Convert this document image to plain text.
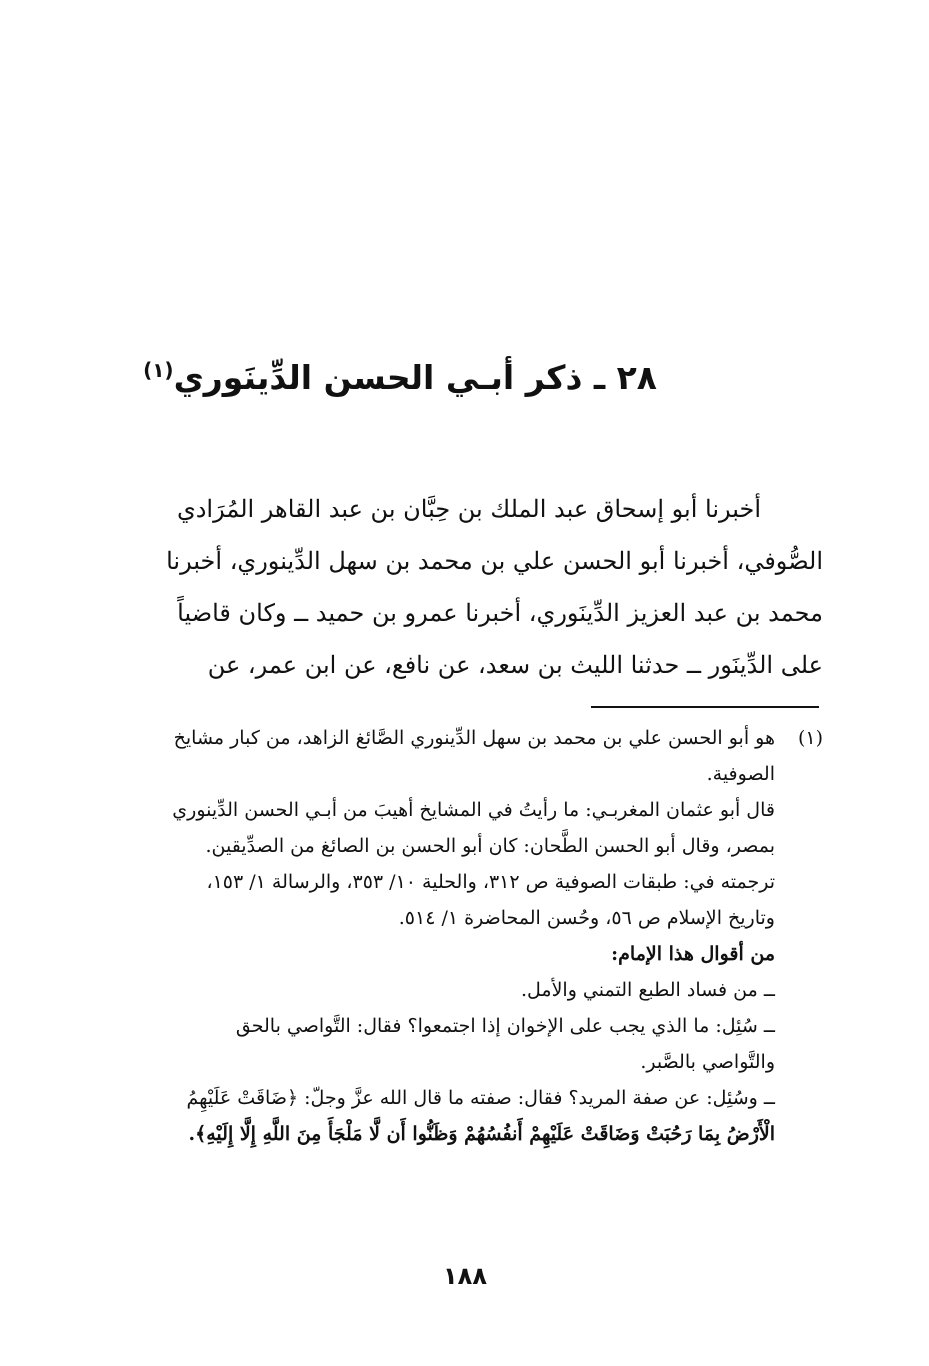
٢٨ ـ ذكر أبـي الحسن الدِّينَوري$^{(١)}$
أخبرنا أبو إسحاق عبد الملك بن حِبَّان بن عبد القاهر المُرَادي
الصُّوفي، أخبرنا أبو الحسن علي بن محمد بن سهل الدِّينوري، أخبرنا
محمد بن عبد العزيز الدِّينَوري، أخبرنا عمرو بن حميد ــ وكان قاضياً
على الدِّينَور ــ حدثنا الليث بن سعد، عن نافع، عن ابن عمر، عن
(١)
هو أبو الحسن علي بن محمد بن سهل الدِّينوري الصَّائغ الزاهد، من كبار مشايخ
الصوفية.
قال أبو عثمان المغربـي: ما رأيتُ في المشايخ أهيبَ من أبـي الحسن الدِّينوري
بمصر، وقال أبو الحسن الطَّحان: كان أبو الحسن بن الصائغ من الصدِّيقين.
ترجمته في: طبقات الصوفية ص ٣١٢، والحلية ١٠/ ٣٥٣، والرسالة ١/ ١٥٣،
وتاريخ الإسلام ص ٥٦، وحُسن المحاضرة ١/ ٥١٤.
من أقوال هذا الإمام:
ــ من فساد الطبع التمني والأمل.
ــ سُئِل: ما الذي يجب على الإخوان إذا اجتمعوا؟ فقال: التَّواصي بالحق
والتَّواصي بالصَّبر.
ــ وسُئِل: عن صفة المريد؟ فقال: صفته ما قال الله عزَّ وجلّ: ﴿ضَاقَتْ عَلَيْهِمُ
الْأَرْضُ بِمَا رَحُبَتْ وَضَاقَتْ عَلَيْهِمْ أَنفُسُهُمْ وَظَنُّوا أَن لَّا مَلْجَأَ مِنَ اللَّهِ إِلَّا إِلَيْهِ﴾.
١٨٨
